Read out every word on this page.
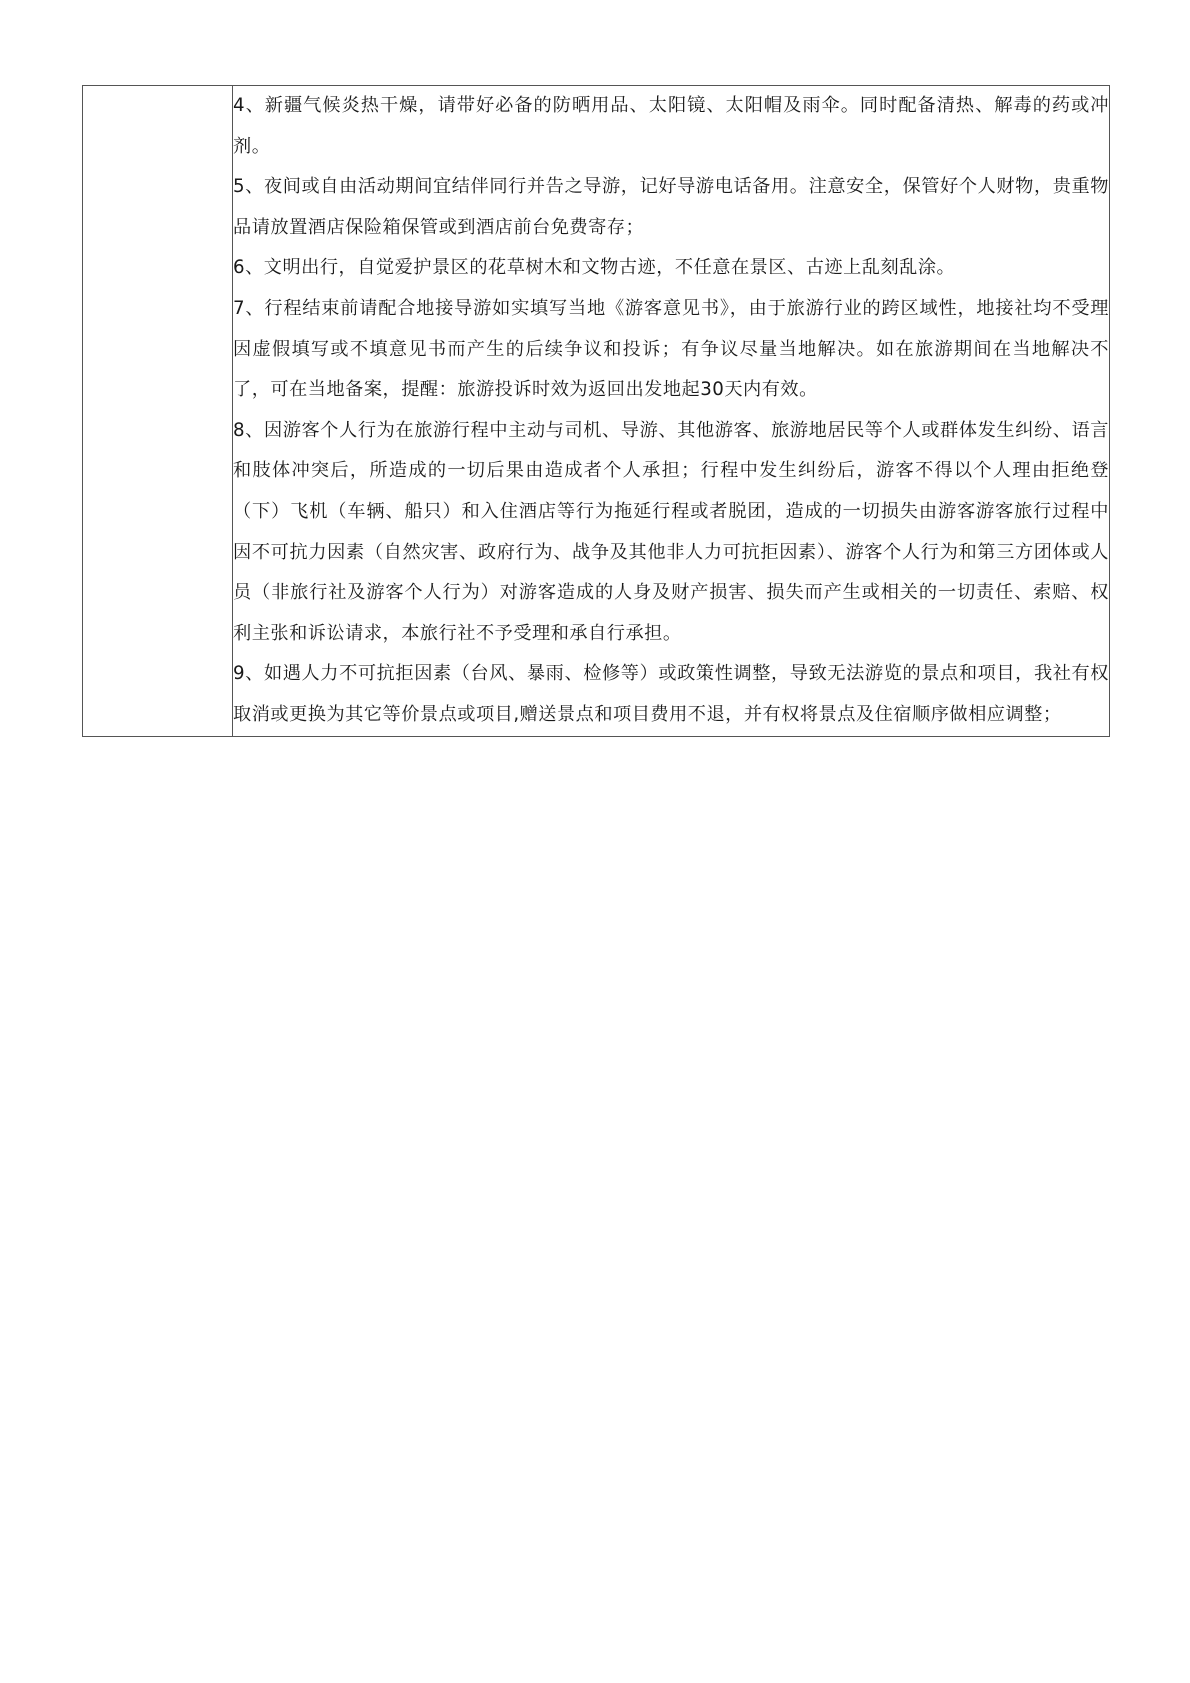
4、新疆气候炎热干燥，请带好必备的防晒用品、太阳镜、太阳帽及雨伞。同时配备清热、解毒的药或冲剂。

5、夜间或自由活动期间宜结伴同行并告之导游，记好导游电话备用。注意安全，保管好个人财物，贵重物品请放置酒店保险箱保管或到酒店前台免费寄存；

6、文明出行，自觉爱护景区的花草树木和文物古迹，不任意在景区、古迹上乱刻乱涂。

7、行程结束前请配合地接导游如实填写当地《游客意见书》，由于旅游行业的跨区域性，地接社均不受理因虚假填写或不填意见书而产生的后续争议和投诉；有争议尽量当地解决。如在旅游期间在当地解决不了，可在当地备案，提醒：旅游投诉时效为返回出发地起30天内有效。

8、因游客个人行为在旅游行程中主动与司机、导游、其他游客、旅游地居民等个人或群体发生纠纷、语言和肢体冲突后，所造成的一切后果由造成者个人承担；行程中发生纠纷后，游客不得以个人理由拒绝登（下）飞机（车辆、船只）和入住酒店等行为拖延行程或者脱团，造成的一切损失由游客游客旅行过程中因不可抗力因素（自然灾害、政府行为、战争及其他非人力可抗拒因素）、游客个人行为和第三方团体或人员（非旅行社及游客个人行为）对游客造成的人身及财产损害、损失而产生或相关的一切责任、索赔、权利主张和诉讼请求，本旅行社不予受理和承自行承担。

9、如遇人力不可抗拒因素（台风、暴雨、检修等）或政策性调整，导致无法游览的景点和项目，我社有权取消或更换为其它等价景点或项目,赠送景点和项目费用不退，并有权将景点及住宿顺序做相应调整；
